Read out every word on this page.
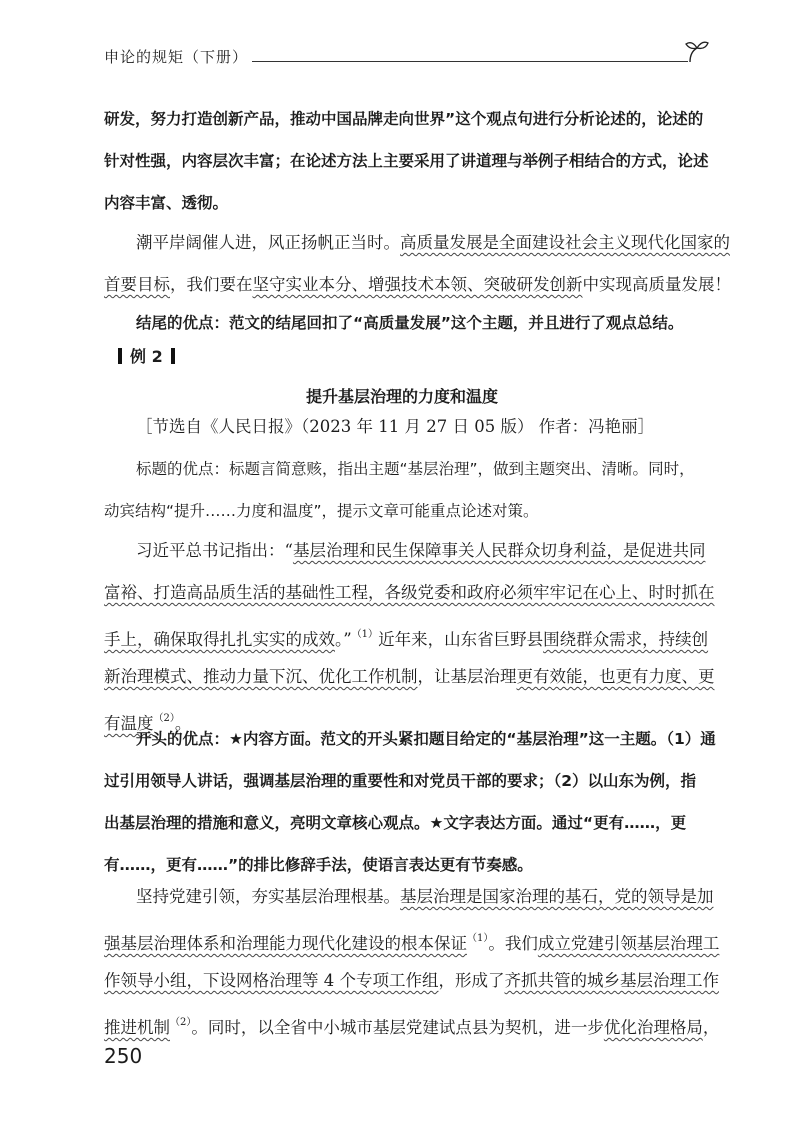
申论的规矩（下册）
研发，努力打造创新产品，推动中国品牌走向世界”这个观点句进行分析论述的，论述的
针对性强，内容层次丰富；在论述方法上主要采用了讲道理与举例子相结合的方式，论述
内容丰富、透彻。
潮平岸阔催人进，风正扬帆正当时。高质量发展是全面建设社会主义现代化国家的
首要目标，我们要在坚守实业本分、增强技术本领、突破研发创新中实现高质量发展！
结尾的优点：范文的结尾回扣了“高质量发展”这个主题，并且进行了观点总结。
例 2
提升基层治理的力度和温度
［节选自《人民日报》（2023 年 11 月 27 日 05 版） 作者：冯艳丽］
标题的优点：标题言简意赅，指出主题“基层治理”，做到主题突出、清晰。同时，
动宾结构“提升……力度和温度”，提示文章可能重点论述对策。
习近平总书记指出：“基层治理和民生保障事关人民群众切身利益，是促进共同
富裕、打造高品质生活的基础性工程，各级党委和政府必须牢牢记在心上、时时抓在
手上，确保取得扎扎实实的成效。”$^{(1)}$近年来，山东省巨野县围绕群众需求，持续创
新治理模式、推动力量下沉、优化工作机制，让基层治理更有效能，也更有力度、更
有温度$^{(2)}$。
开头的优点：★内容方面。范文的开头紧扣题目给定的“基层治理”这一主题。（1）通
过引用领导人讲话，强调基层治理的重要性和对党员干部的要求；（2）以山东为例，指
出基层治理的措施和意义，亮明文章核心观点。★文字表达方面。通过“更有……，更
有……，更有……”的排比修辞手法，使语言表达更有节奏感。
坚持党建引领，夯实基层治理根基。基层治理是国家治理的基石，党的领导是加
强基层治理体系和治理能力现代化建设的根本保证$^{(1)}$。我们成立党建引领基层治理工
作领导小组，下设网格治理等 4 个专项工作组，形成了齐抓共管的城乡基层治理工作
推进机制$^{(2)}$。同时，以全省中小城市基层党建试点县为契机，进一步优化治理格局，
250
